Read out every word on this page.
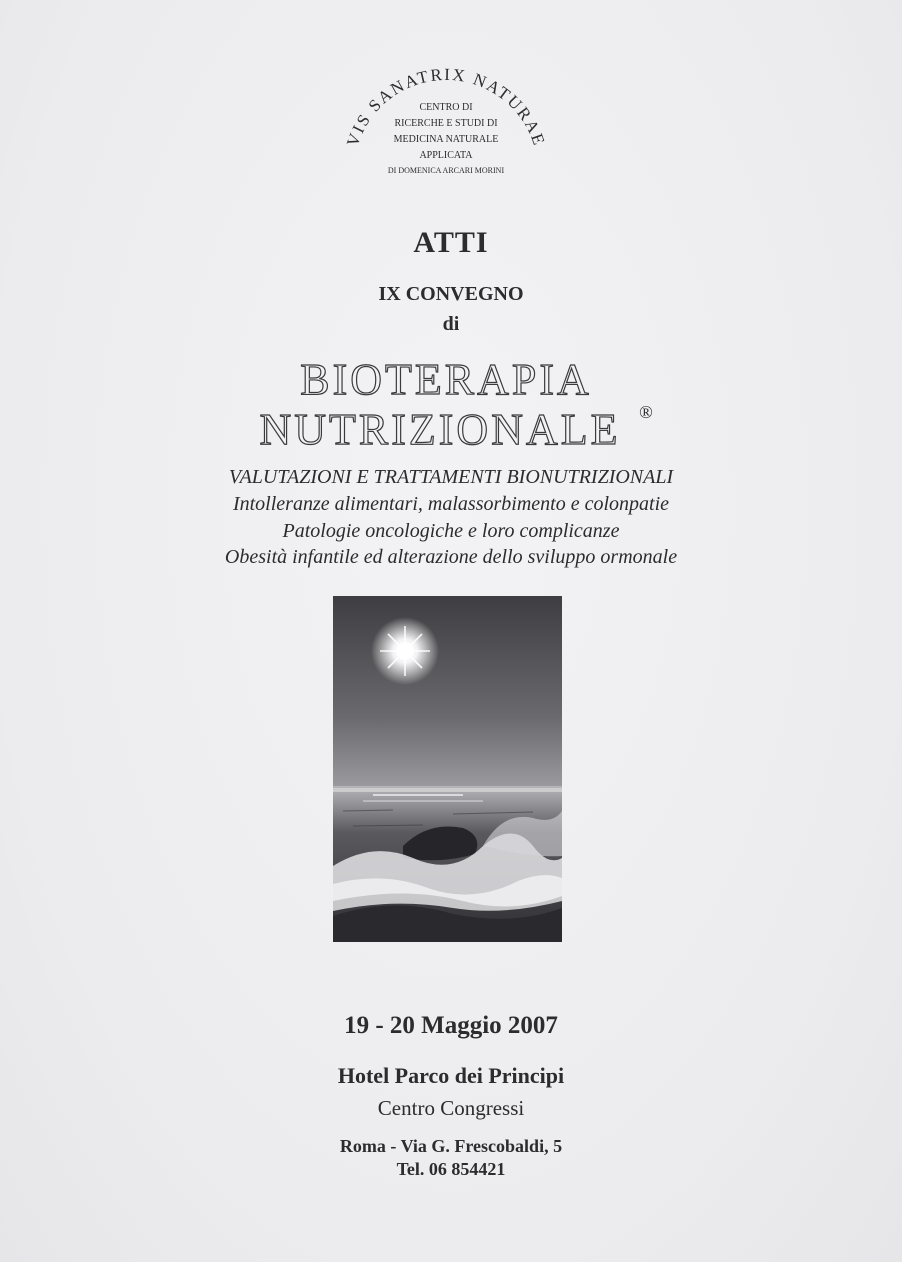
VIS SANATRIX NATURAE
CENTRO DI
RICERCHE E STUDI DI
MEDICINA NATURALE
APPLICATA
DI DOMENICA ARCARI MORINI
ATTI
IX CONVEGNO
di
BIOTERAPIA
NUTRIZIONALE ®
VALUTAZIONI E TRATTAMENTI BIONUTRIZIONALI
Intolleranze alimentari, malassorbimento e colonpatie
Patologie oncologiche e loro complicanze
Obesità infantile ed alterazione dello sviluppo ormonale
19 - 20 Maggio 2007
Hotel Parco dei Principi
Centro Congressi
Roma - Via G. Frescobaldi, 5
Tel. 06 854421
